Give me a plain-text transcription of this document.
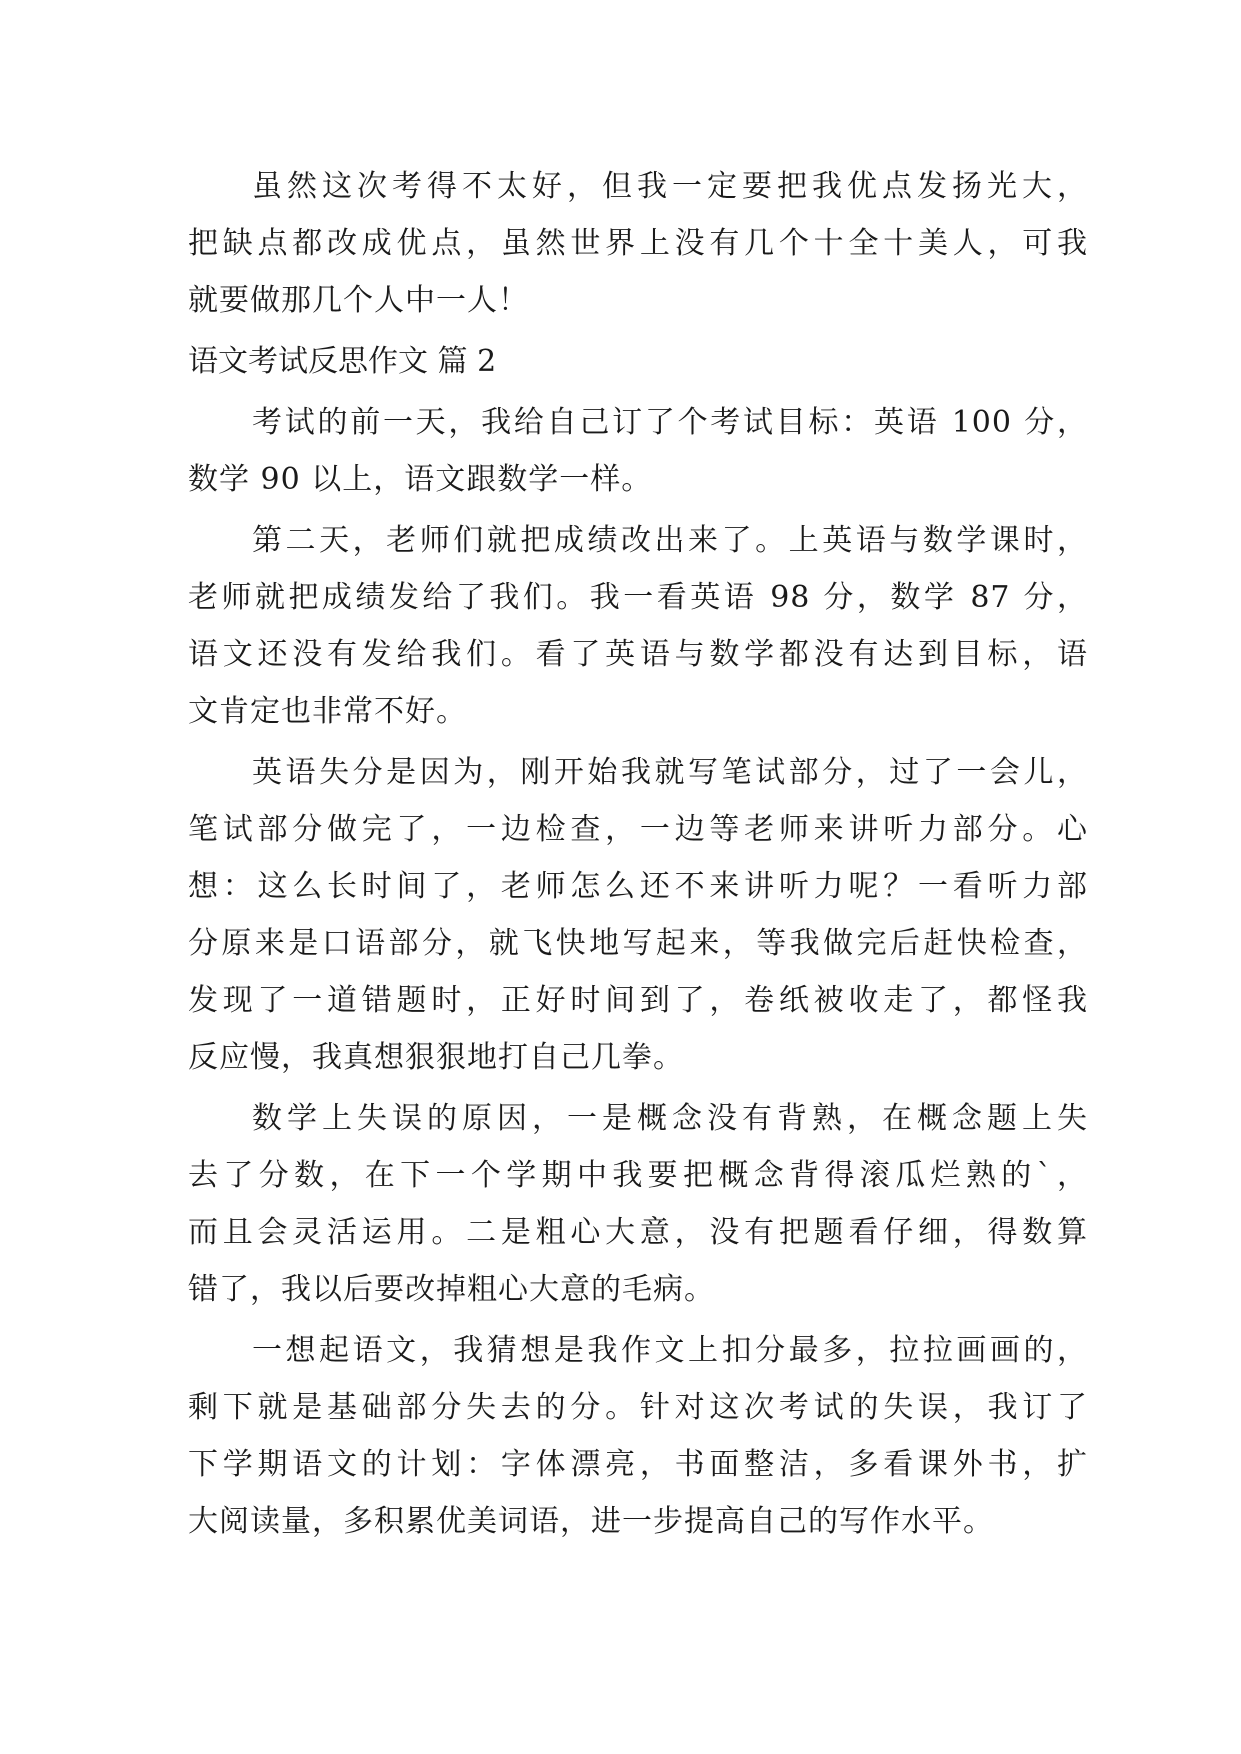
虽然这次考得不太好，但我一定要把我优点发扬光大，
把缺点都改成优点，虽然世界上没有几个十全十美人，可我
就要做那几个人中一人！
语文考试反思作文 篇 2
考试的前一天，我给自己订了个考试目标：英语 100 分，
数学 90 以上，语文跟数学一样。
第二天，老师们就把成绩改出来了。上英语与数学课时，
老师就把成绩发给了我们。我一看英语 98 分，数学 87 分，
语文还没有发给我们。看了英语与数学都没有达到目标，语
文肯定也非常不好。
英语失分是因为，刚开始我就写笔试部分，过了一会儿，
笔试部分做完了，一边检查，一边等老师来讲听力部分。心
想：这么长时间了，老师怎么还不来讲听力呢？一看听力部
分原来是口语部分，就飞快地写起来，等我做完后赶快检查，
发现了一道错题时，正好时间到了，卷纸被收走了，都怪我
反应慢，我真想狠狠地打自己几拳。
数学上失误的原因，一是概念没有背熟，在概念题上失
去了分数，在下一个学期中我要把概念背得滚瓜烂熟的`，
而且会灵活运用。二是粗心大意，没有把题看仔细，得数算
错了，我以后要改掉粗心大意的毛病。
一想起语文，我猜想是我作文上扣分最多，拉拉画画的，
剩下就是基础部分失去的分。针对这次考试的失误，我订了
下学期语文的计划：字体漂亮，书面整洁，多看课外书，扩
大阅读量，多积累优美词语，进一步提高自己的写作水平。
